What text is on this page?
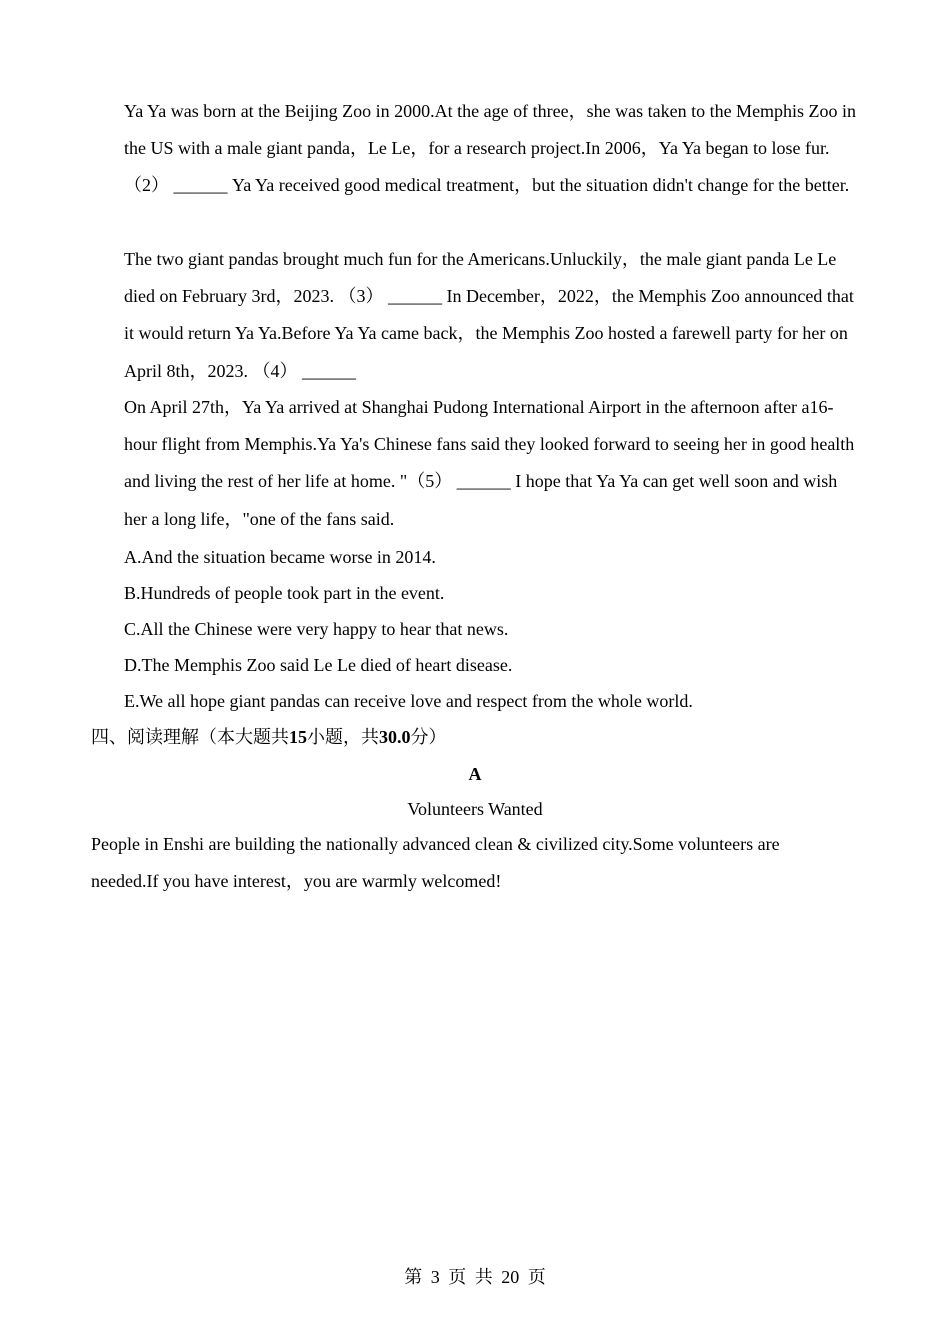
Ya Ya was born at the Beijing Zoo in 2000.At the age of three，she was taken to the Memphis Zoo in the US with a male giant panda，Le Le，for a research project.In 2006，Ya Ya began to lose fur. （2） ______ Ya Ya received good medical treatment，but the situation didn't change for the better.

The two giant pandas brought much fun for the Americans.Unluckily，the male giant panda Le Le died on February 3rd，2023. （3） ______ In December，2022，the Memphis Zoo announced that it would return Ya Ya.Before Ya Ya came back，the Memphis Zoo hosted a farewell party for her on April 8th，2023. （4） ______

On April 27th，Ya Ya arrived at Shanghai Pudong International Airport in the afternoon after a16-hour flight from Memphis.Ya Ya's Chinese fans said they looked forward to seeing her in good health and living the rest of her life at home. "（5） ______ I hope that Ya Ya can get well soon and wish her a long life，"one of the fans said.

A.And the situation became worse in 2014.

B.Hundreds of people took part in the event.

C.All the Chinese were very happy to hear that news.

D.The Memphis Zoo said Le Le died of heart disease.

E.We all hope giant pandas can receive love and respect from the whole world.

四、阅读理解（本大题共15小题，共30.0分）

A

Volunteers Wanted

People in Enshi are building the nationally advanced clean & civilized city.Some volunteers are needed.If you have interest，you are warmly welcomed!

第 3 页 共 20 页
